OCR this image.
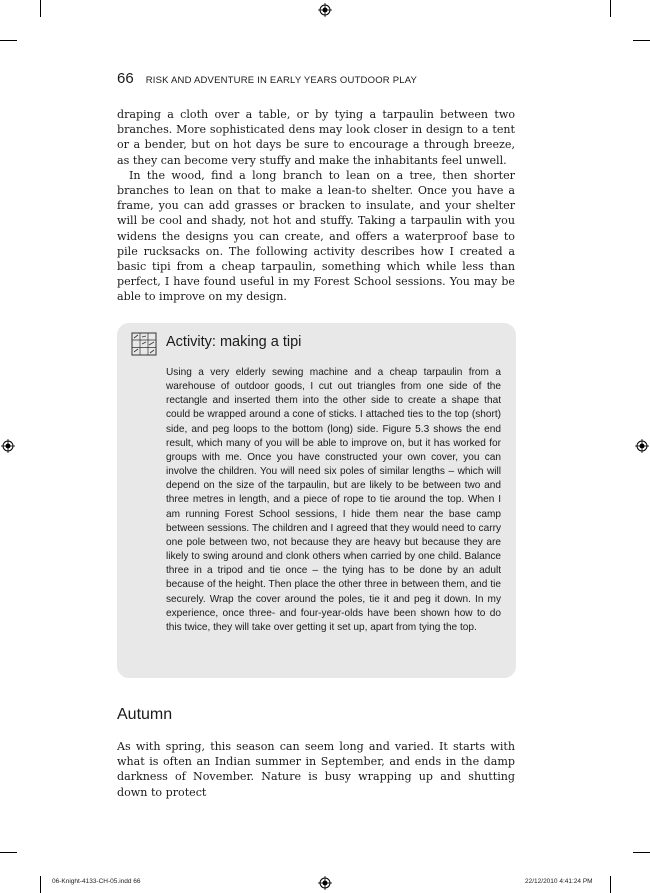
66 RISK AND ADVENTURE IN EARLY YEARS OUTDOOR PLAY

draping a cloth over a table, or by tying a tarpaulin between two branches. More sophisticated dens may look closer in design to a tent or a bender, but on hot days be sure to encourage a through breeze, as they can become very stuffy and make the inhabitants feel unwell.

In the wood, find a long branch to lean on a tree, then shorter branches to lean on that to make a lean-to shelter. Once you have a frame, you can add grasses or bracken to insulate, and your shelter will be cool and shady, not hot and stuffy. Taking a tarpaulin with you widens the designs you can create, and offers a waterproof base to pile rucksacks on. The following activity describes how I created a basic tipi from a cheap tarpaulin, something which while less than perfect, I have found useful in my Forest School sessions. You may be able to improve on my design.

Activity: making a tipi

Using a very elderly sewing machine and a cheap tarpaulin from a warehouse of outdoor goods, I cut out triangles from one side of the rectangle and inserted them into the other side to create a shape that could be wrapped around a cone of sticks. I attached ties to the top (short) side, and peg loops to the bottom (long) side. Figure 5.3 shows the end result, which many of you will be able to improve on, but it has worked for groups with me. Once you have constructed your own cover, you can involve the children. You will need six poles of similar lengths – which will depend on the size of the tarpaulin, but are likely to be between two and three metres in length, and a piece of rope to tie around the top. When I am running Forest School sessions, I hide them near the base camp between sessions. The children and I agreed that they would need to carry one pole between two, not because they are heavy but because they are likely to swing around and clonk others when carried by one child. Balance three in a tripod and tie once – the tying has to be done by an adult because of the height. Then place the other three in between them, and tie securely. Wrap the cover around the poles, tie it and peg it down. In my experience, once three- and four-year-olds have been shown how to do this twice, they will take over getting it set up, apart from tying the top.

Autumn

As with spring, this season can seem long and varied. It starts with what is often an Indian summer in September, and ends in the damp darkness of November. Nature is busy wrapping up and shutting down to protect

06-Knight-4133-CH-05.indd 66	22/12/2010 4:41:24 PM
